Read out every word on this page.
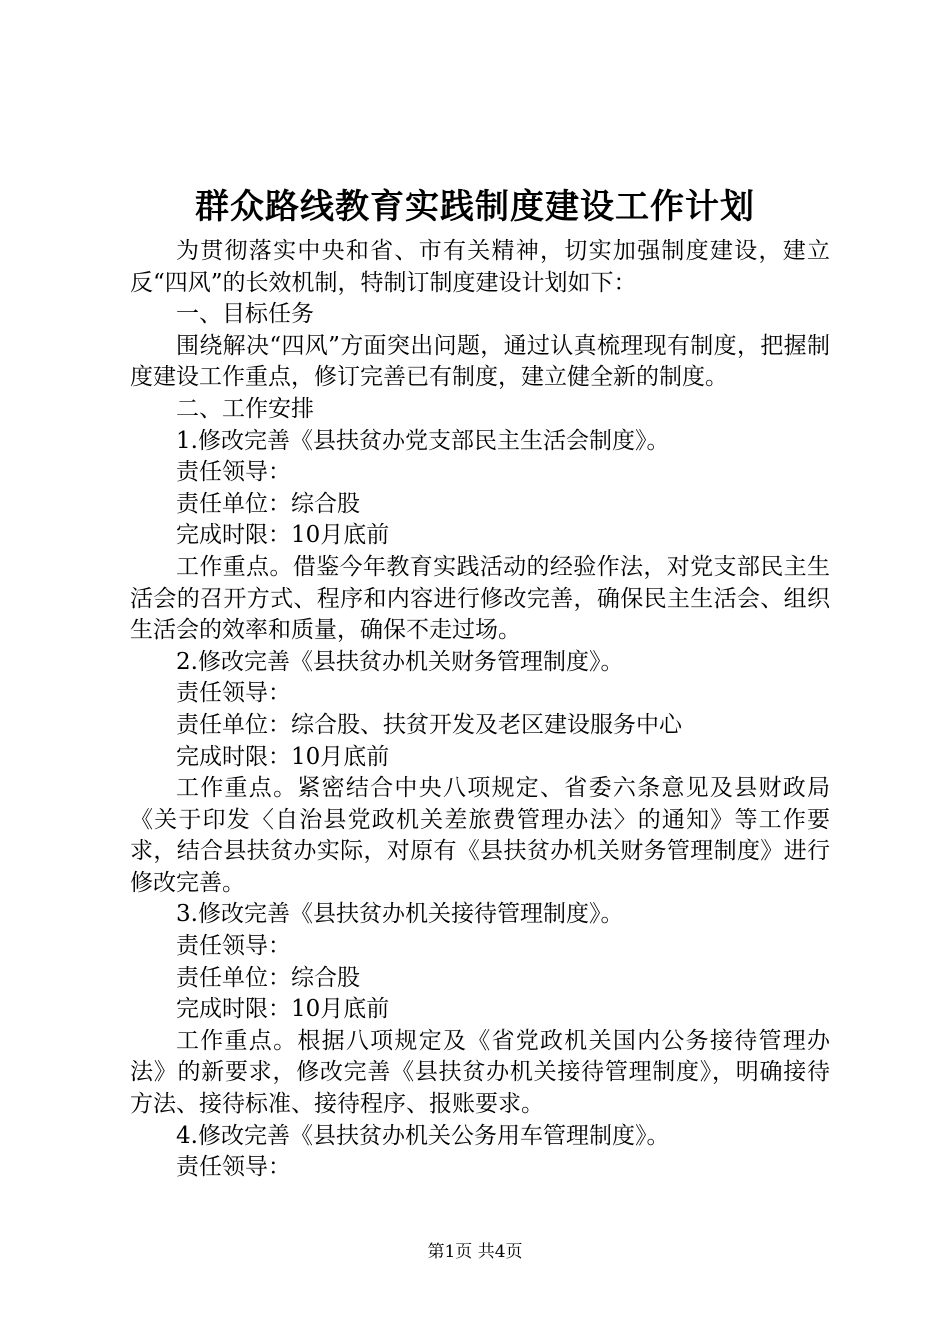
群众路线教育实践制度建设工作计划

为贯彻落实中央和省、市有关精神，切实加强制度建设，建立反“四风”的长效机制，特制订制度建设计划如下：

一、目标任务

围绕解决“四风”方面突出问题，通过认真梳理现有制度，把握制度建设工作重点，修订完善已有制度，建立健全新的制度。

二、工作安排

1.修改完善《县扶贫办党支部民主生活会制度》。

责任领导：

责任单位：综合股

完成时限：10月底前

工作重点。借鉴今年教育实践活动的经验作法，对党支部民主生活会的召开方式、程序和内容进行修改完善，确保民主生活会、组织生活会的效率和质量，确保不走过场。

2.修改完善《县扶贫办机关财务管理制度》。

责任领导：

责任单位：综合股、扶贫开发及老区建设服务中心

完成时限：10月底前

工作重点。紧密结合中央八项规定、省委六条意见及县财政局《关于印发〈自治县党政机关差旅费管理办法〉的通知》等工作要求，结合县扶贫办实际，对原有《县扶贫办机关财务管理制度》进行修改完善。

3.修改完善《县扶贫办机关接待管理制度》。

责任领导：

责任单位：综合股

完成时限：10月底前

工作重点。根据八项规定及《省党政机关国内公务接待管理办法》的新要求，修改完善《县扶贫办机关接待管理制度》，明确接待方法、接待标准、接待程序、报账要求。

4.修改完善《县扶贫办机关公务用车管理制度》。

责任领导：

第1页 共4页
